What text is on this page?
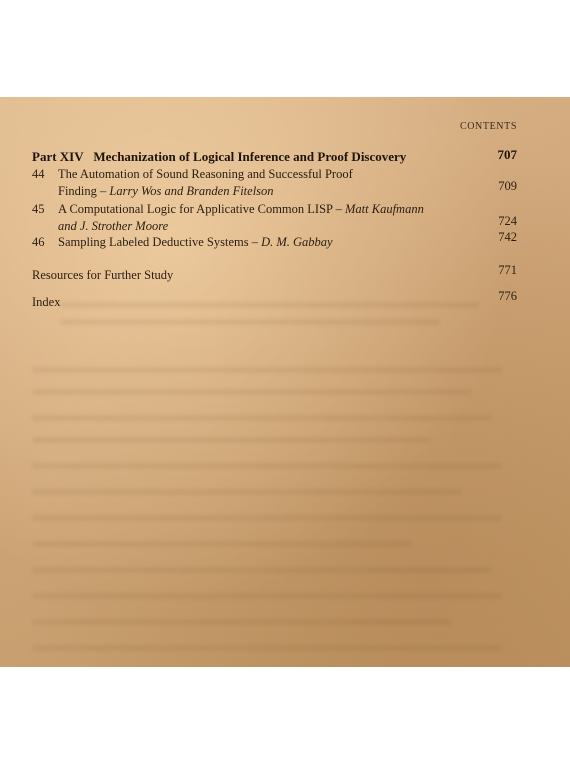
CONTENTS
Part XIV Mechanization of Logical Inference and Proof Discovery	707
44 The Automation of Sound Reasoning and Successful Proof
Finding – Larry Wos and Branden Fitelson	709
45 A Computational Logic for Applicative Common LISP – Matt Kaufmann
and J. Strother Moore	724
46 Sampling Labeled Deductive Systems – D. M. Gabbay	742
Resources for Further Study	771
Index	776
